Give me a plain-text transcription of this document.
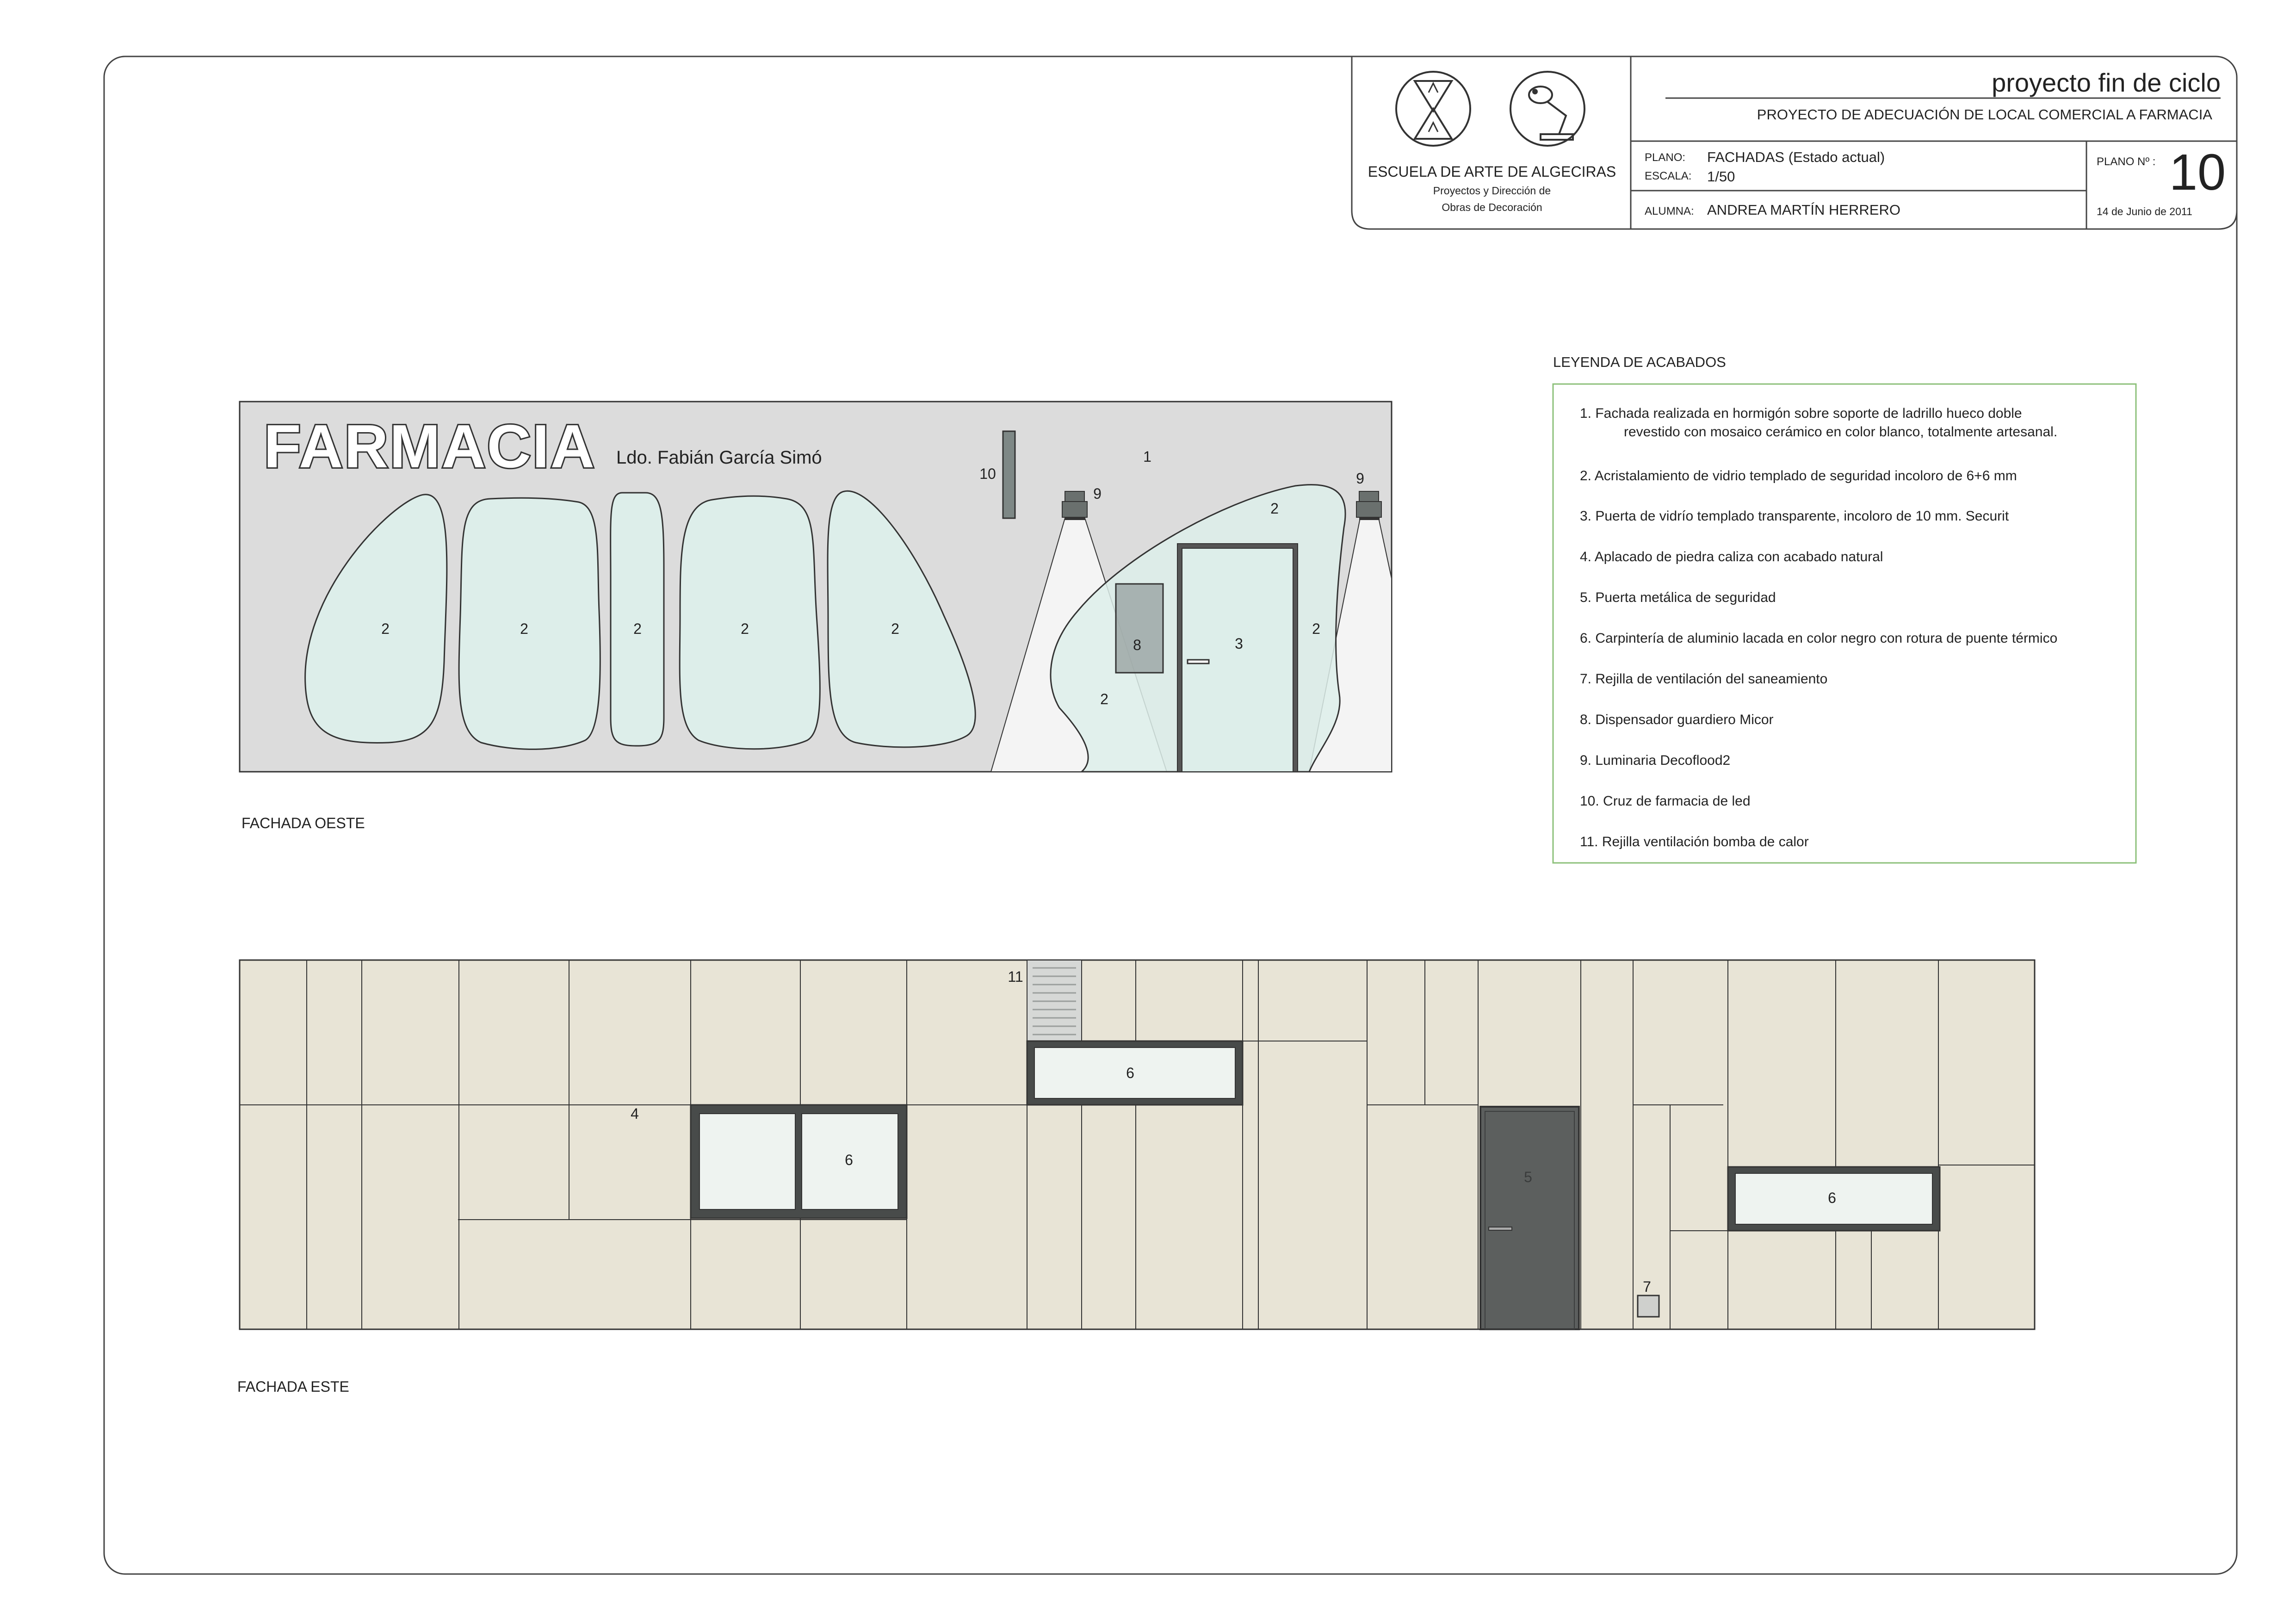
proyecto fin de ciclo
PROYECTO DE ADECUACIÓN DE LOCAL COMERCIAL A FARMACIA
ESCUELA DE ARTE DE ALGECIRAS
Proyectos y Dirección de
Obras de Decoración
PLANO: FACHADAS (Estado actual)
ESCALA: 1/50
ALUMNA: ANDREA MARTÍN HERRERO
PLANO Nº : 10
14 de Junio de 2011
LEYENDA DE ACABADOS
1. Fachada realizada en hormigón sobre soporte de ladrillo hueco doble
revestido con mosaico cerámico en color blanco, totalmente artesanal.
2. Acristalamiento de vidrio templado de seguridad incoloro de 6+6 mm
3. Puerta de vidrío templado transparente, incoloro de 10 mm. Securit
4. Aplacado de piedra caliza con acabado natural
5. Puerta metálica de seguridad
6. Carpintería de aluminio lacada en color negro con rotura de puente térmico
7. Rejilla de ventilación del saneamiento
8. Dispensador guardiero Micor
9. Luminaria Decoflood2
10. Cruz de farmacia de led
11. Rejilla ventilación bomba de calor
FARMACIA Ldo. Fabián García Simó	1
10
9
9
2	2	2	2	2
2
2
2
8	3
FACHADA OESTE
11
4
6
6
6
5
7
FACHADA ESTE
